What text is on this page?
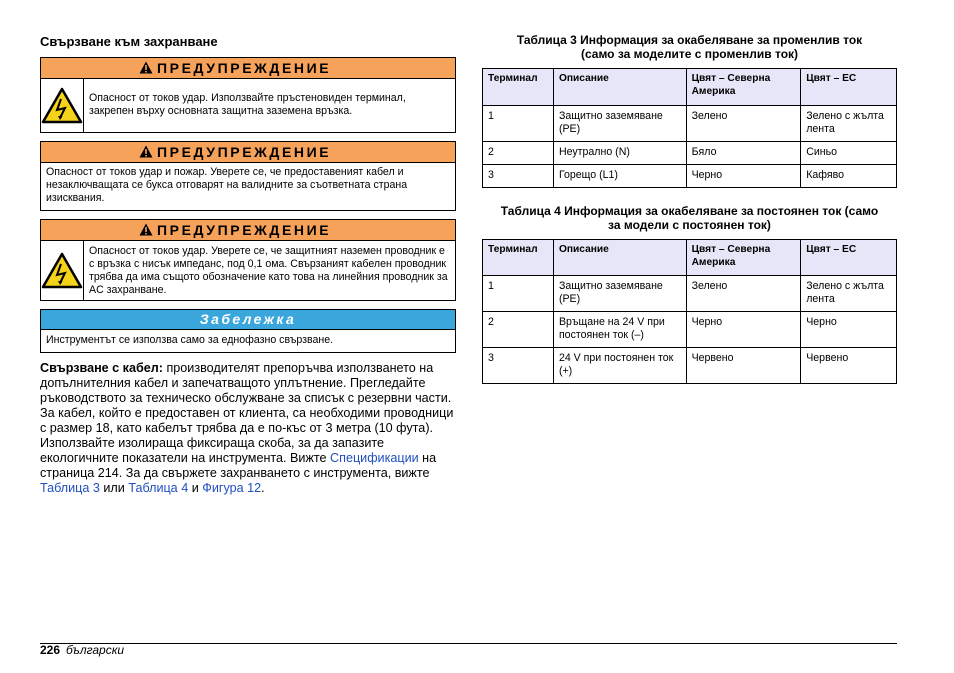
Свързване към захранване
ПРЕДУПРЕЖДЕНИЕ
Опасност от токов удар. Използвайте пръстеновиден терминал, закрепен върху основната защитна заземена връзка.
ПРЕДУПРЕЖДЕНИЕ
Опасност от токов удар и пожар. Уверете се, че предоставеният кабел и незаключващата се букса отговарят на валидните за съответната страна изисквания.
ПРЕДУПРЕЖДЕНИЕ
Опасност от токов удар. Уверете се, че защитният наземен проводник е с връзка с нисък импеданс, под 0,1 ома. Свързаният кабелен проводник трябва да има същото обозначение като това на линейния проводник за AC захранване.
Забележка
Инструментът се използва само за еднофазно свързване.
Свързване с кабел: производителят препоръчва използването на допълнителния кабел и запечатващото уплътнение. Прегледайте ръководството за техническо обслужване за списък с резервни части. За кабел, който е предоставен от клиента, са необходими проводници с размер 18, като кабелът трябва да е по-къс от 3 метра (10 фута). Използвайте изолираща фиксираща скоба, за да запазите екологичните показатели на инструмента. Вижте Спецификации на страница 214. За да свържете захранването с инструмента, вижте Таблица 3 или Таблица 4 и Фигура 12.
Таблица 3 Информация за окабеляване за променлив ток
(само за моделите с променлив ток)
Терминал	Описание	Цвят – Северна Америка	Цвят – ЕС
1	Защитно заземяване (PE)	Зелено	Зелено с жълта лента
2	Неутрално (N)	Бяло	Синьо
3	Горещо (L1)	Черно	Кафяво
Таблица 4 Информация за окабеляване за постоянен ток (само
за модели с постоянен ток)
Терминал	Описание	Цвят – Северна Америка	Цвят – ЕС
1	Защитно заземяване (PE)	Зелено	Зелено с жълта лента
2	Връщане на 24 V при постоянен ток (–)	Черно	Черно
3	24 V при постоянен ток (+)	Червено	Червено
226 български
